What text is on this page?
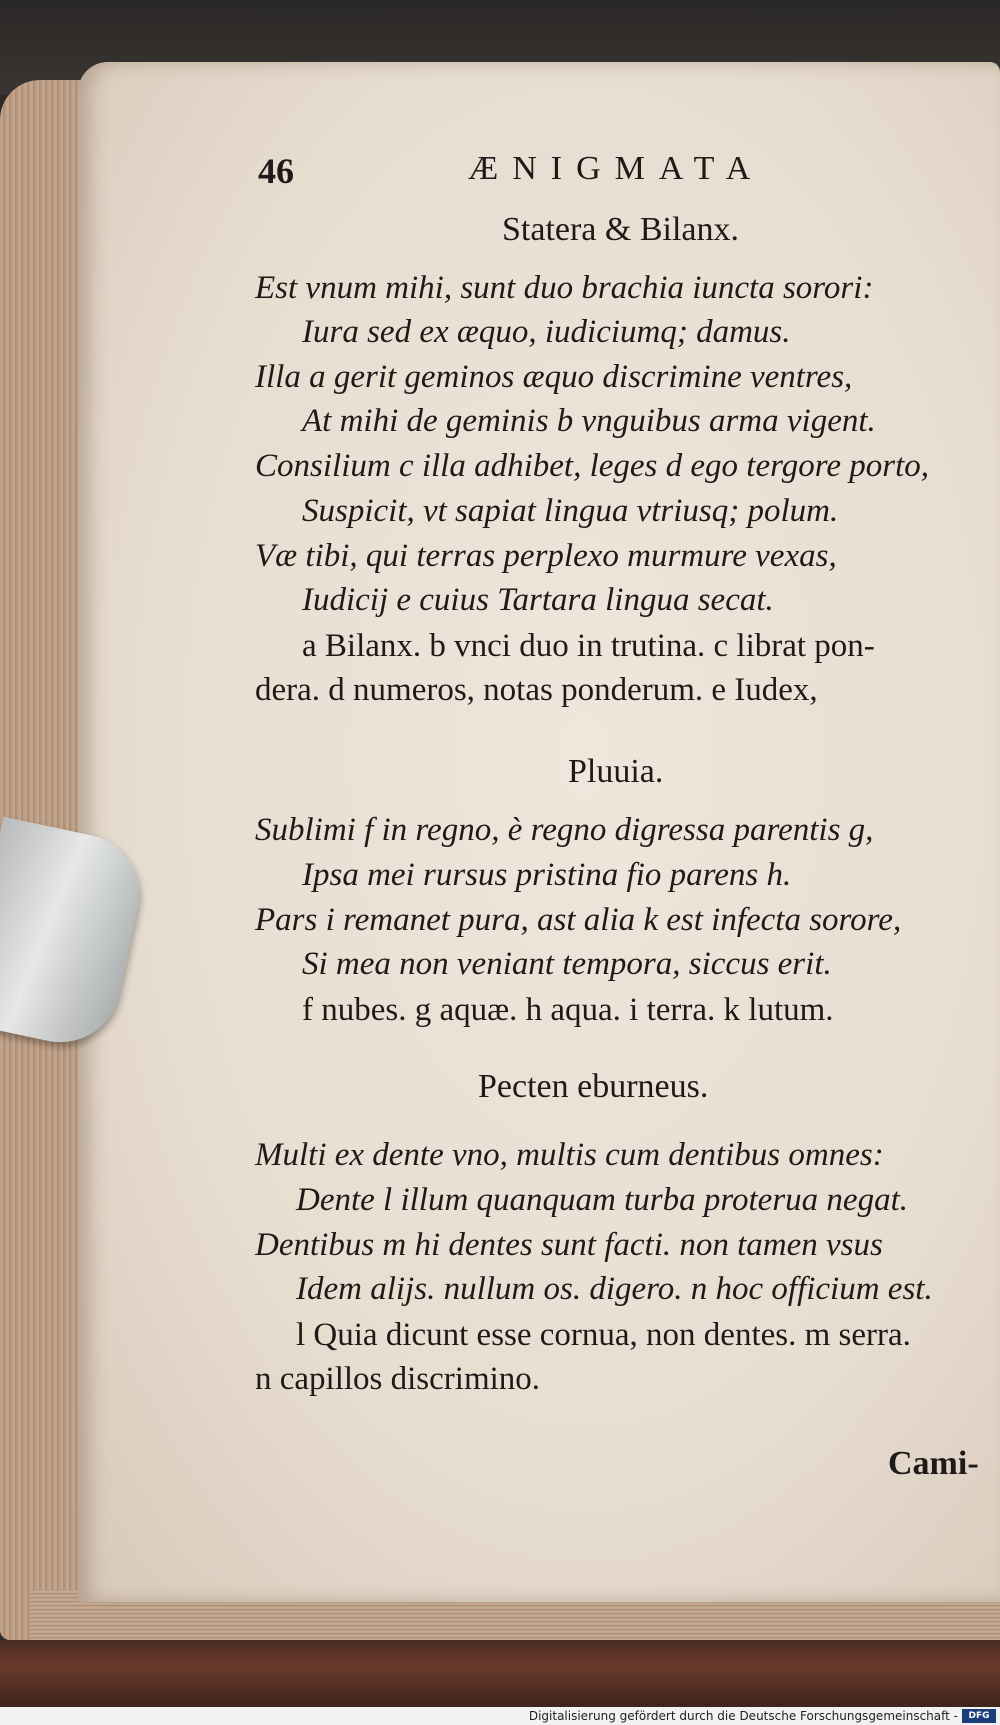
46	ÆNIGMATA
Statera & Bilanx.
Est vnum mihi, sunt duo brachia iuncta sorori:
Iura sed ex æquo, iudiciumq; damus.
Illa a gerit geminos æquo discrimine ventres,
At mihi de geminis b vnguibus arma vigent.
Consilium c illa adhibet, leges d ego tergore porto,
Suspicit, vt sapiat lingua vtriusq; polum.
Væ tibi, qui terras perplexo murmure vexas,
Iudicij e cuius Tartara lingua secat.
a Bilanx. b vnci duo in trutina. c librat pon-
dera. d numeros, notas ponderum. e Iudex,
Pluuia.
Sublimi f in regno, è regno digressa parentis g,
Ipsa mei rursus pristina fio parens h.
Pars i remanet pura, ast alia k est infecta sorore,
Si mea non veniant tempora, siccus erit.
f nubes. g aquæ. h aqua. i terra. k lutum.
Pecten eburneus.
Multi ex dente vno, multis cum dentibus omnes:
Dente l illum quanquam turba proterua negat.
Dentibus m hi dentes sunt facti. non tamen vsus
Idem alijs. nullum os. digero. n hoc officium est.
l Quia dicunt esse cornua, non dentes. m serra.
n capillos discrimino.
Cami-
Digitalisierung gefördert durch die Deutsche Forschungsgemeinschaft -	DFG
